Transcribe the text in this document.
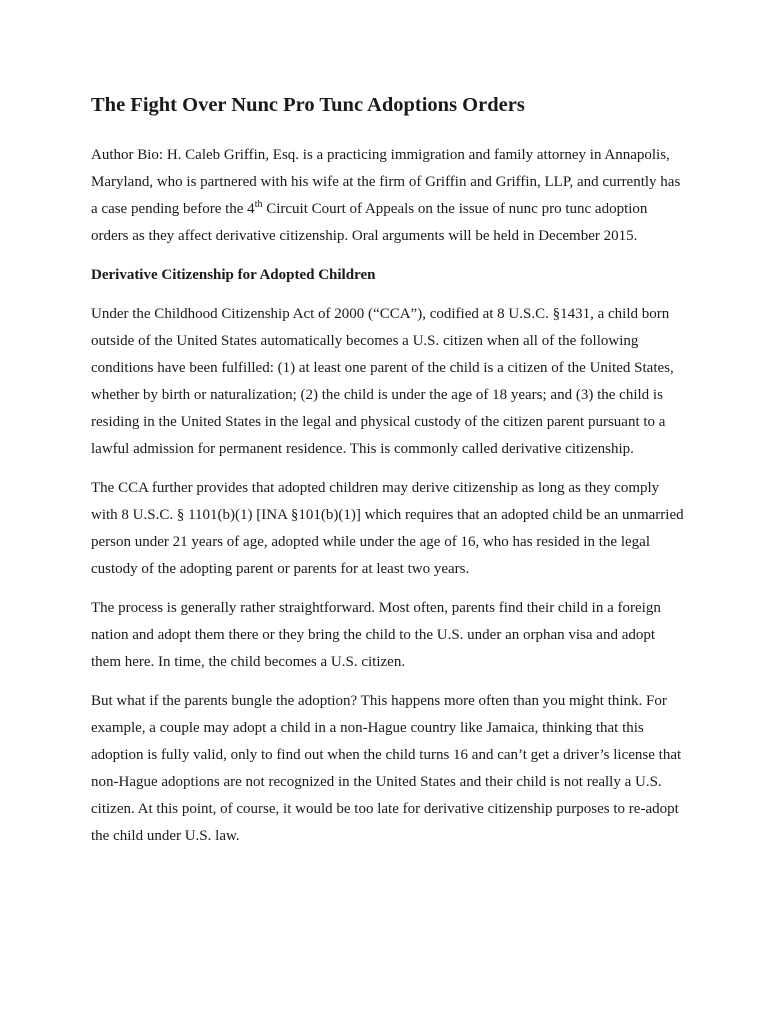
The Fight Over Nunc Pro Tunc Adoptions Orders

Author Bio: H. Caleb Griffin, Esq. is a practicing immigration and family attorney in Annapolis, Maryland, who is partnered with his wife at the firm of Griffin and Griffin, LLP, and currently has a case pending before the 4th Circuit Court of Appeals on the issue of nunc pro tunc adoption orders as they affect derivative citizenship. Oral arguments will be held in December 2015.

Derivative Citizenship for Adopted Children

Under the Childhood Citizenship Act of 2000 (“CCA”), codified at 8 U.S.C. §1431, a child born outside of the United States automatically becomes a U.S. citizen when all of the following conditions have been fulfilled: (1) at least one parent of the child is a citizen of the United States, whether by birth or naturalization; (2) the child is under the age of 18 years; and (3) the child is residing in the United States in the legal and physical custody of the citizen parent pursuant to a lawful admission for permanent residence. This is commonly called derivative citizenship.

The CCA further provides that adopted children may derive citizenship as long as they comply with 8 U.S.C. § 1101(b)(1) [INA §101(b)(1)] which requires that an adopted child be an unmarried person under 21 years of age, adopted while under the age of 16, who has resided in the legal custody of the adopting parent or parents for at least two years.

The process is generally rather straightforward. Most often, parents find their child in a foreign nation and adopt them there or they bring the child to the U.S. under an orphan visa and adopt them here. In time, the child becomes a U.S. citizen.

But what if the parents bungle the adoption? This happens more often than you might think. For example, a couple may adopt a child in a non-Hague country like Jamaica, thinking that this adoption is fully valid, only to find out when the child turns 16 and can’t get a driver’s license that non-Hague adoptions are not recognized in the United States and their child is not really a U.S. citizen. At this point, of course, it would be too late for derivative citizenship purposes to re-adopt the child under U.S. law.
